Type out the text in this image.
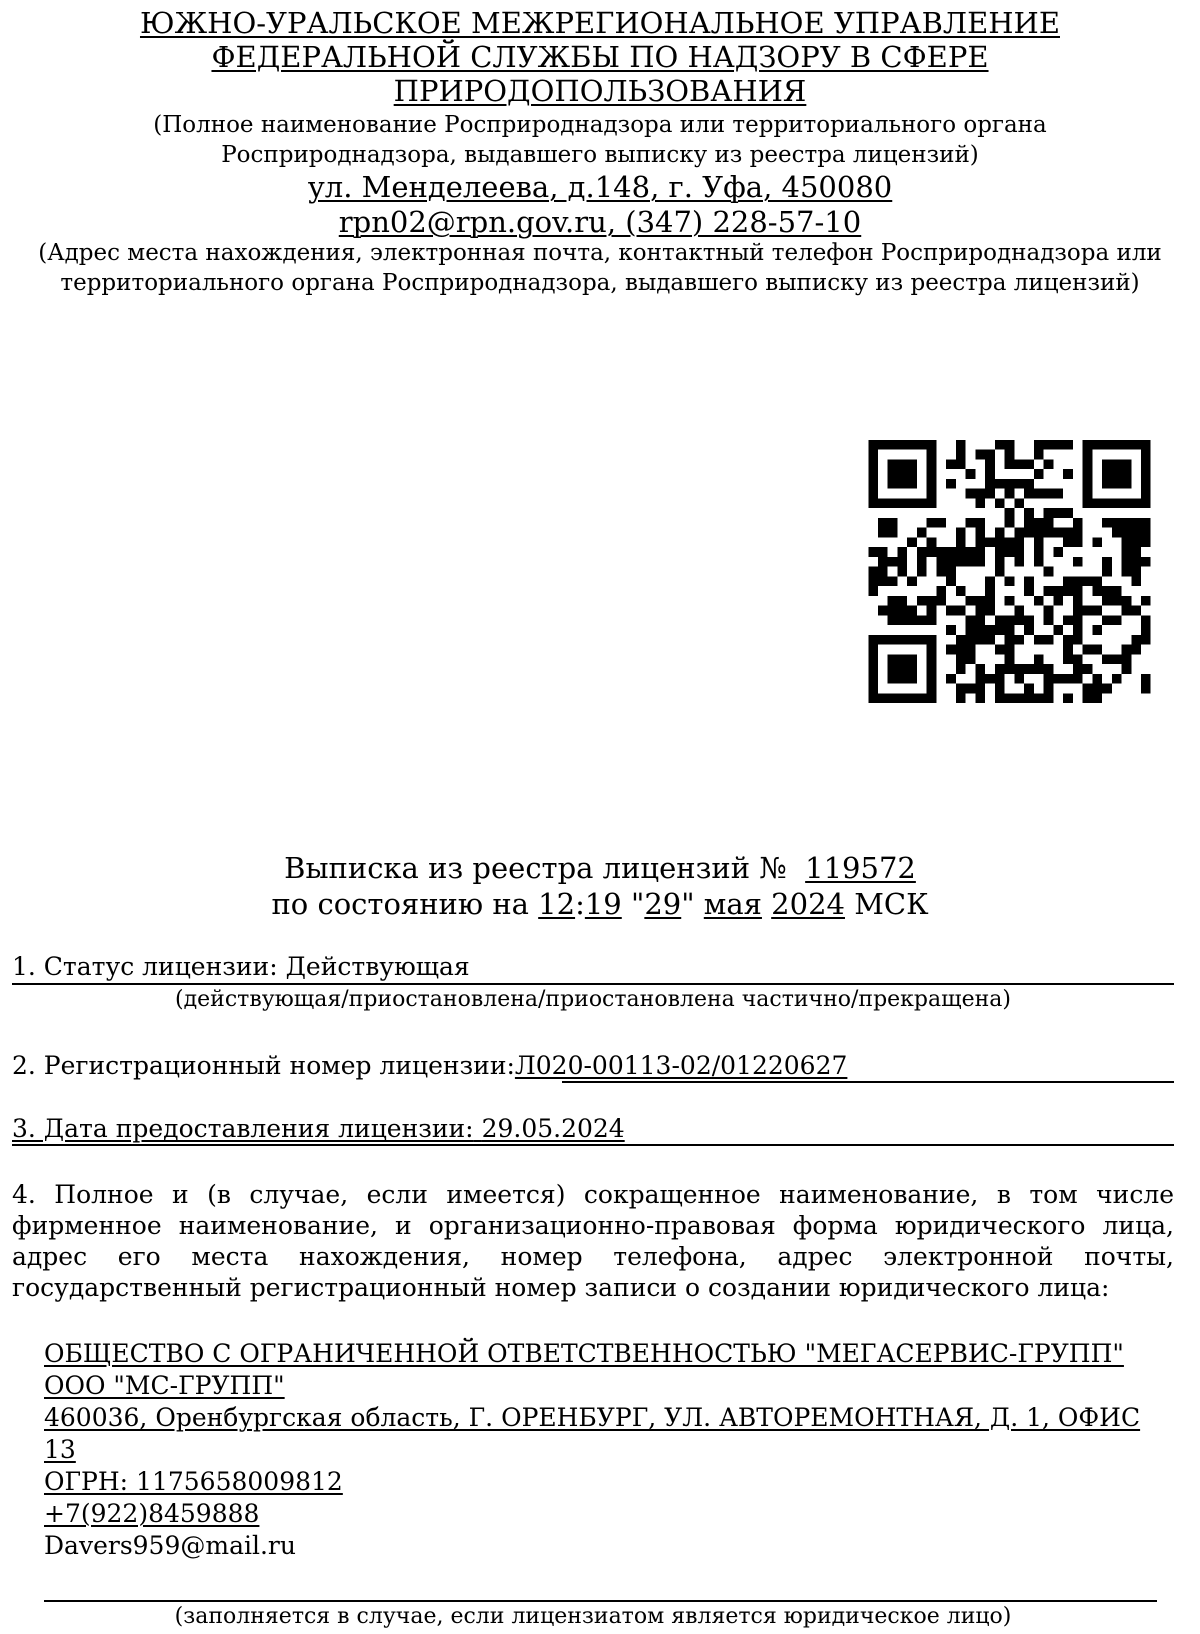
ЮЖНО-УРАЛЬСКОЕ МЕЖРЕГИОНАЛЬНОЕ УПРАВЛЕНИЕ ФЕДЕРАЛЬНОЙ СЛУЖБЫ ПО НАДЗОРУ В СФЕРЕ ПРИРОДОПОЛЬЗОВАНИЯ
(Полное наименование Росприроднадзора или территориального органа Росприроднадзора, выдавшего выписку из реестра лицензий)
ул. Менделеева, д.148, г. Уфа, 450080
rpn02@rpn.gov.ru, (347) 228-57-10
(Адрес места нахождения, электронная почта, контактный телефон Росприроднадзора или территориального органа Росприроднадзора, выдавшего выписку из реестра лицензий)
Выписка из реестра лицензий № 119572
по состоянию на 12:19 "29" мая 2024 МСК
1. Статус лицензии: Действующая
(действующая/приостановлена/приостановлена частично/прекращена)
2. Регистрационный номер лицензии:Л020-00113-02/01220627
3. Дата предоставления лицензии: 29.05.2024
4. Полное и (в случае, если имеется) сокращенное наименование, в том числе фирменное наименование, и организационно-правовая форма юридического лица, адрес его места нахождения, номер телефона, адрес электронной почты, государственный регистрационный номер записи о создании юридического лица:
ОБЩЕСТВО С ОГРАНИЧЕННОЙ ОТВЕТСТВЕННОСТЬЮ "МЕГАСЕРВИС-ГРУПП"
ООО "МС-ГРУПП"
460036, Оренбургская область, Г. ОРЕНБУРГ, УЛ. АВТОРЕМОНТНАЯ, Д. 1, ОФИС 13
ОГРН: 1175658009812
+7(922)8459888
Davers959@mail.ru
(заполняется в случае, если лицензиатом является юридическое лицо)
